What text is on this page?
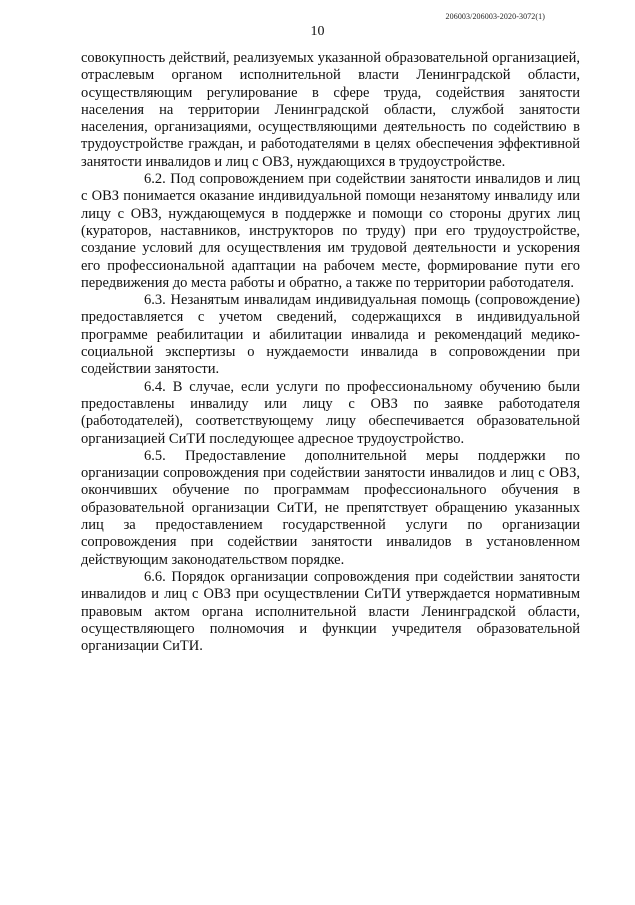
206003/206003-2020-3072(1)
10

совокупность действий, реализуемых указанной образовательной организацией, отраслевым органом исполнительной власти Ленинградской области, осуществляющим регулирование в сфере труда, содействия занятости населения на территории Ленинградской области, службой занятости населения, организациями, осуществляющими деятельность по содействию в трудоустройстве граждан, и работодателями в целях обеспечения эффективной занятости инвалидов и лиц с ОВЗ, нуждающихся в трудоустройстве.

6.2. Под сопровождением при содействии занятости инвалидов и лиц с ОВЗ понимается оказание индивидуальной помощи незанятому инвалиду или лицу с ОВЗ, нуждающемуся в поддержке и помощи со стороны других лиц (кураторов, наставников, инструкторов по труду) при его трудоустройстве, создание условий для осуществления им трудовой деятельности и ускорения его профессиональной адаптации на рабочем месте, формирование пути его передвижения до места работы и обратно, а также по территории работодателя.

6.3. Незанятым инвалидам индивидуальная помощь (сопровождение) предоставляется с учетом сведений, содержащихся в индивидуальной программе реабилитации и абилитации инвалида и рекомендаций медико-социальной экспертизы о нуждаемости инвалида в сопровождении при содействии занятости.

6.4. В случае, если услуги по профессиональному обучению были предоставлены инвалиду или лицу с ОВЗ по заявке работодателя (работодателей), соответствующему лицу обеспечивается образовательной организацией СиТИ последующее адресное трудоустройство.

6.5. Предоставление дополнительной меры поддержки по организации сопровождения при содействии занятости инвалидов и лиц с ОВЗ, окончивших обучение по программам профессионального обучения в образовательной организации СиТИ, не препятствует обращению указанных лиц за предоставлением государственной услуги по организации сопровождения при содействии занятости инвалидов в установленном действующим законодательством порядке.

6.6. Порядок организации сопровождения при содействии занятости инвалидов и лиц с ОВЗ при осуществлении СиТИ утверждается нормативным правовым актом органа исполнительной власти Ленинградской области, осуществляющего полномочия и функции учредителя образовательной организации СиТИ.
